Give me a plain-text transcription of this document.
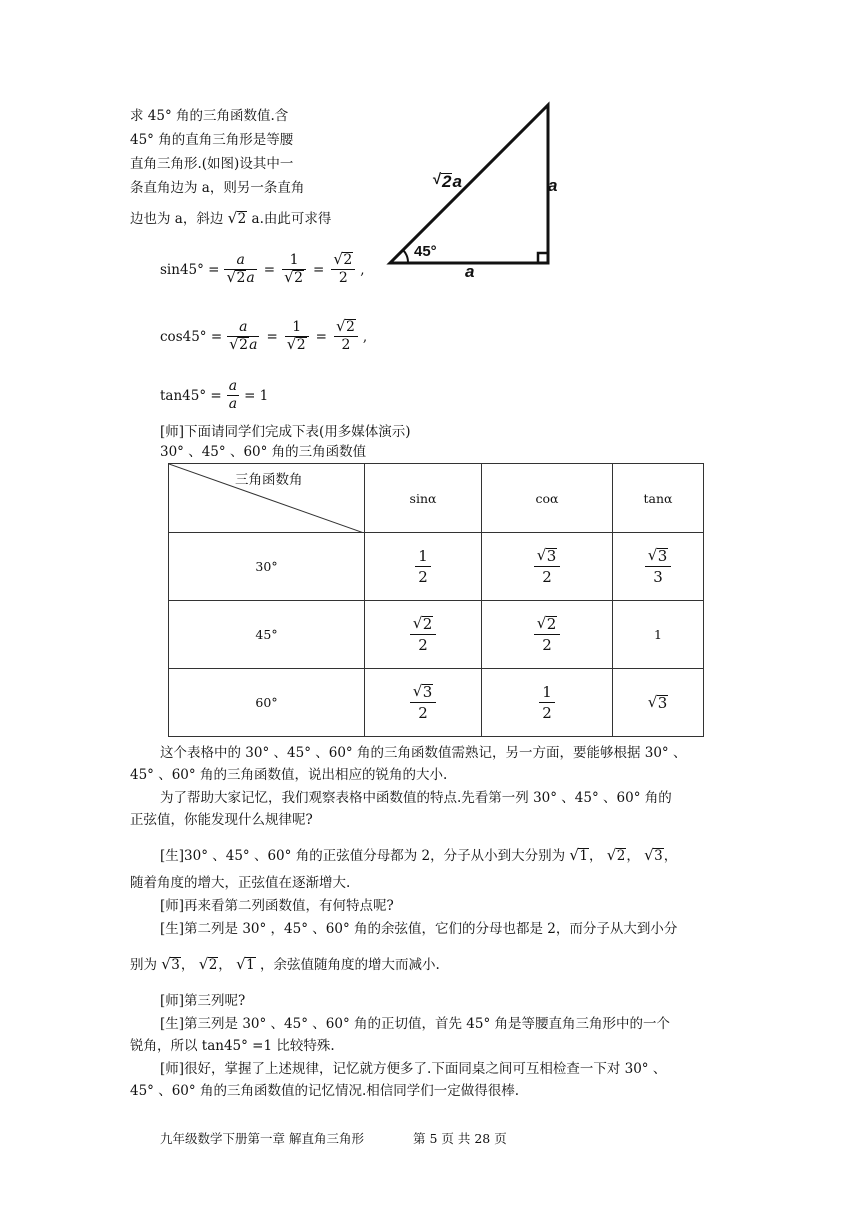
求 45° 角的三角函数值.含
45° 角的直角三角形是等腰
直角三角形.(如图)设其中一
条直角边为 a，则另一条直角
边也为 a，斜边 √ 2 a.由此可求得
√ 2a	a
45°
a
sin45° = a
√ 2a = 1
√ 2 = √ $\frac{2}{2}$ ,
cos45° = a
√ 2a = 1
√ 2 = √ $\frac{2}{2}$ ,
$\tan 45^\circ = \frac{a}{a} = 1$
[师]下面请同学们完成下表(用多媒体演示)
30° 、45° 、60° 角的三角函数值
三角函数角	sinα	coα	tanα
30°	$\frac{1}{2}$	√ $\frac{3}{2}$	√ $\frac{3}{3}$

45°	√ $\frac{2}{2}$	√ $\frac{2}{2}$	1
60°	√ $\frac{3}{2}$	$\frac{1}{2}$	√ 3
这个表格中的 30° 、45° 、60° 角的三角函数值需熟记，另一方面，要能够根据 30° 、
45° 、60° 角的三角函数值，说出相应的锐角的大小.
为了帮助大家记忆，我们观察表格中函数值的特点.先看第一列 30° 、45° 、60° 角的
正弦值，你能发现什么规律呢?
[生]30° 、45° 、60° 角的正弦值分母都为 2，分子从小到大分别为 √ 1， √ 2， √ 3，
随着角度的增大，正弦值在逐渐增大.
[师]再来看第二列函数值，有何特点呢?
[生]第二列是 30° ，45° 、60° 角的余弦值，它们的分母也都是 2，而分子从大到小分
别为 √ 3， √ 2， √ 1 ，余弦值随角度的增大而减小.
[师]第三列呢?
[生]第三列是 30° 、45° 、60° 角的正切值，首先 45° 角是等腰直角三角形中的一个
锐角，所以 tan45° =1 比较特殊.
[师]很好，掌握了上述规律，记忆就方便多了.下面同桌之间可互相检查一下对 30° 、
45° 、60° 角的三角函数值的记忆情况.相信同学们一定做得很棒.
九年级数学下册第一章 解直角三角形	第 5 页 共 28 页
